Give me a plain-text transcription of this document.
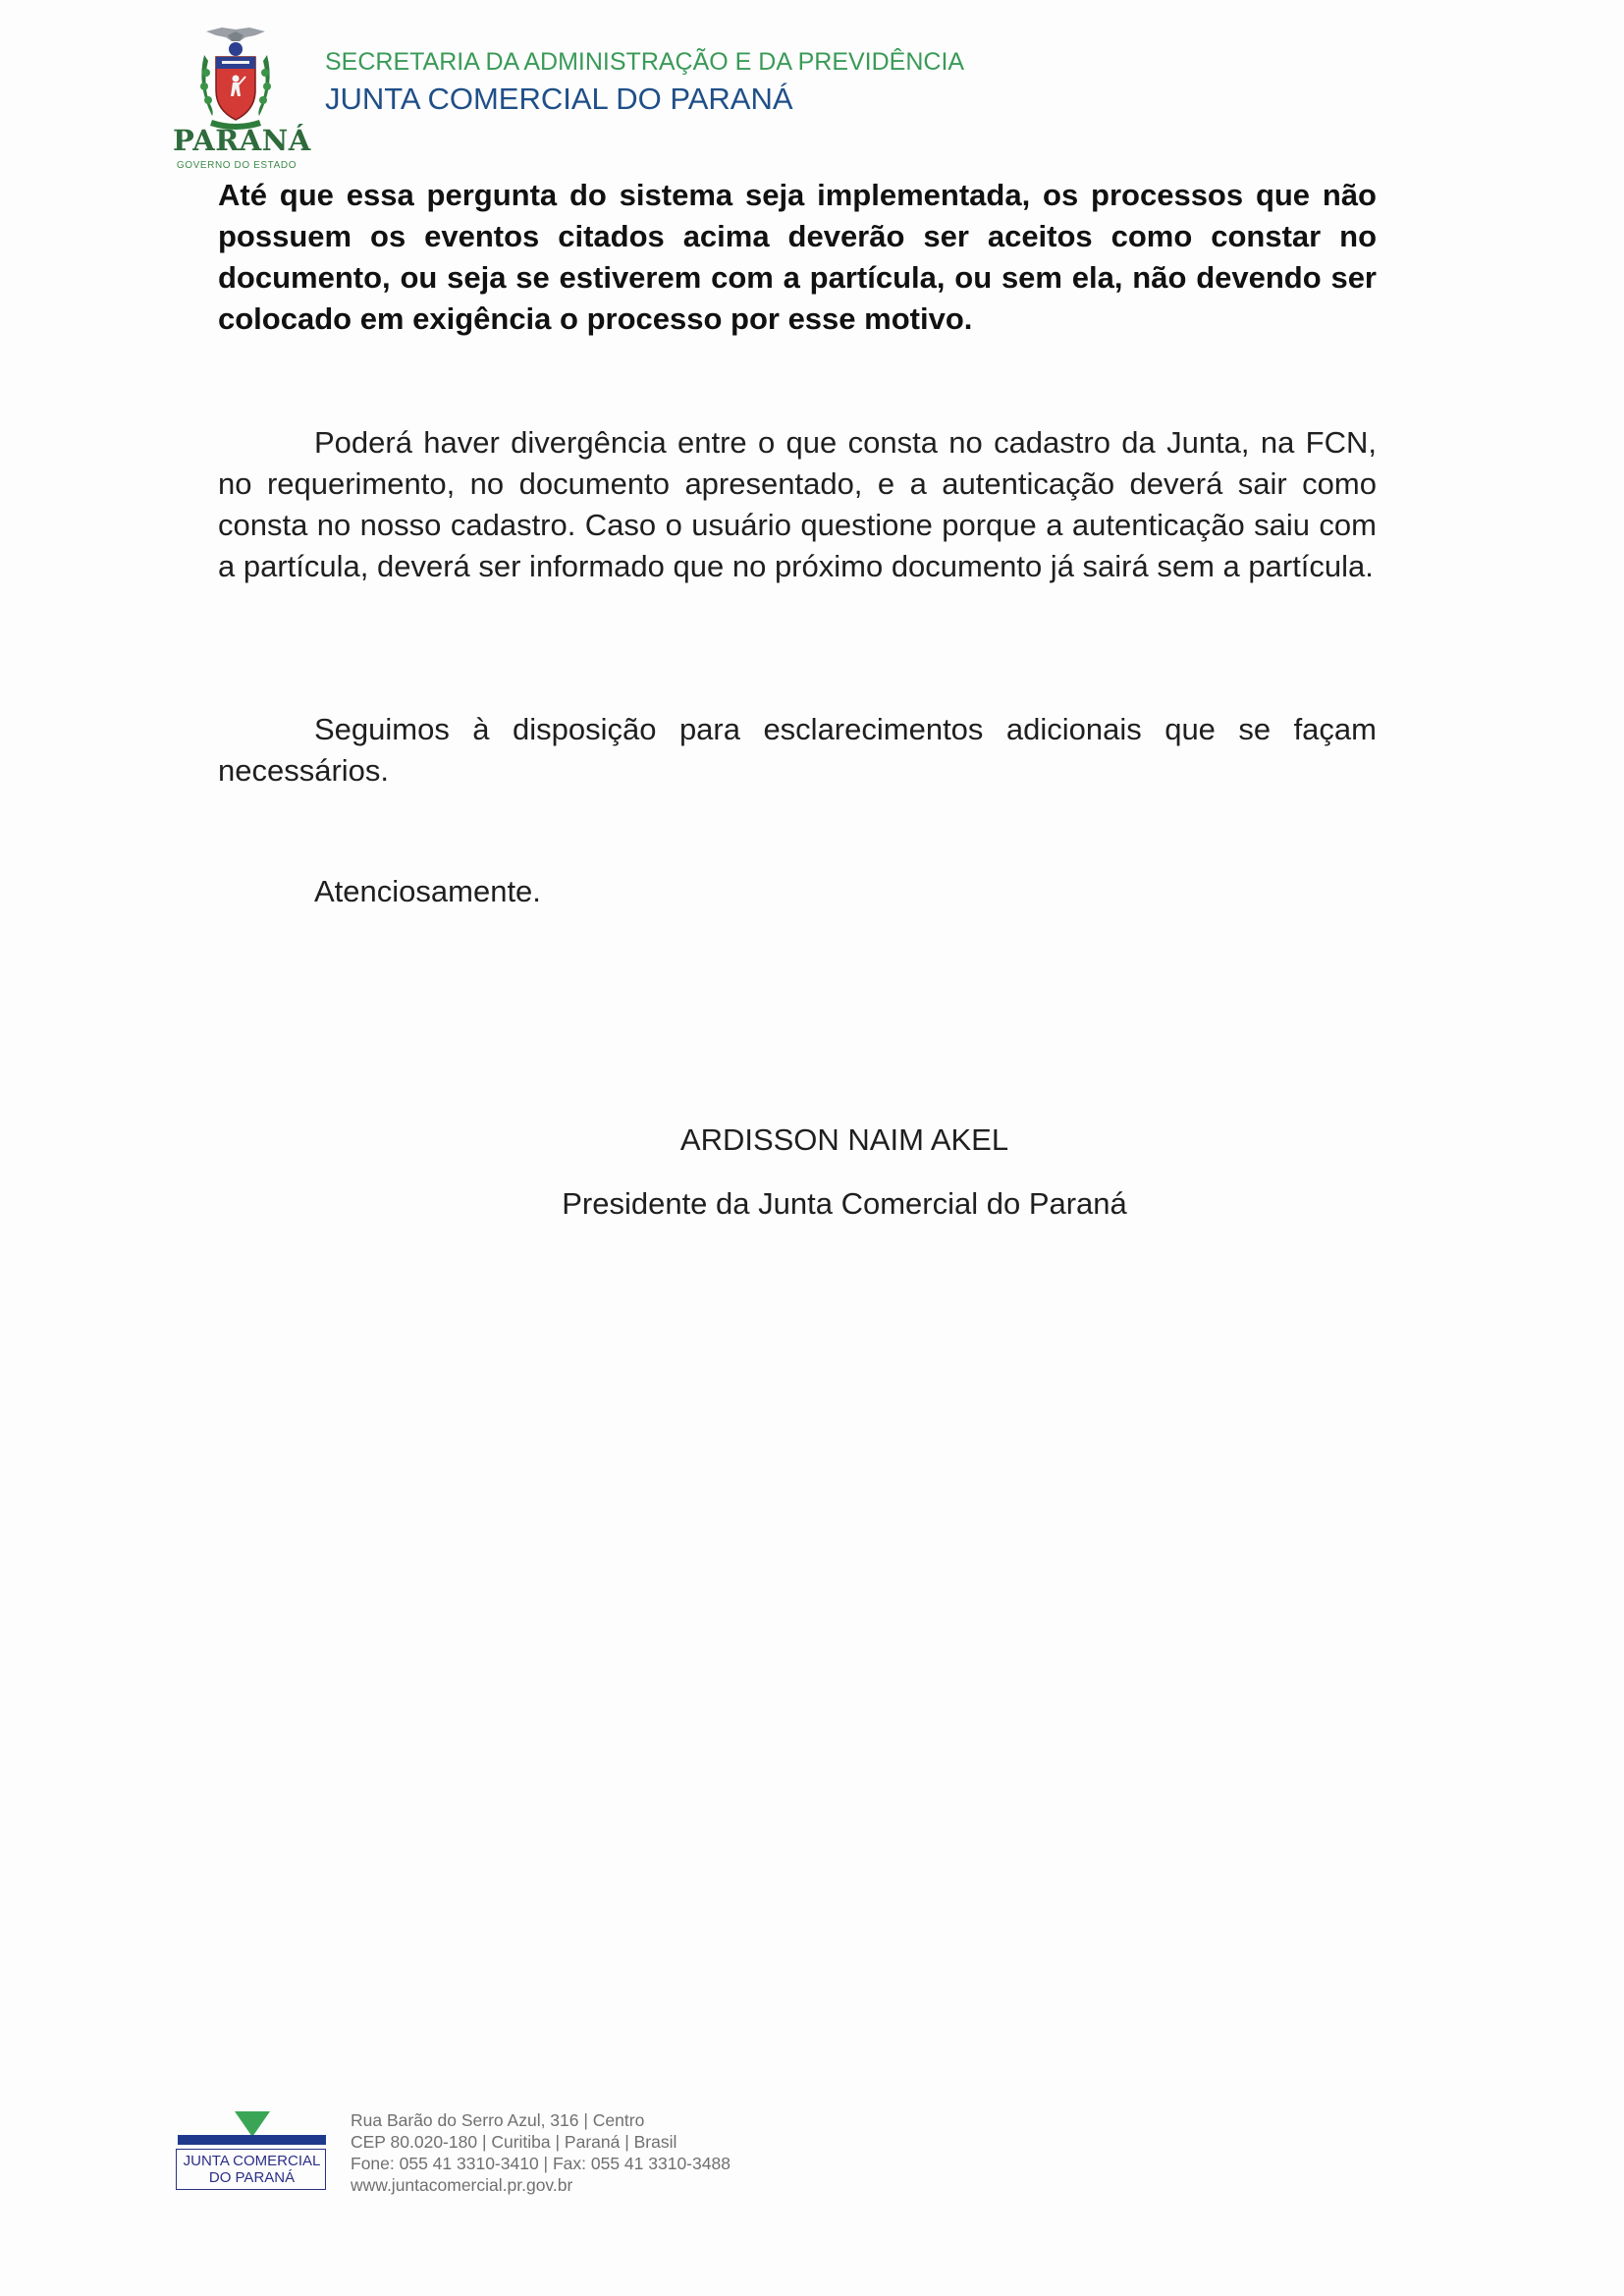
PARANÁ
GOVERNO DO ESTADO
SECRETARIA DA ADMINISTRAÇÃO E DA PREVIDÊNCIA
JUNTA COMERCIAL DO PARANÁ

Até que essa pergunta do sistema seja implementada, os processos que não possuem os eventos citados acima deverão ser aceitos como constar no documento, ou seja se estiverem com a partícula, ou sem ela, não devendo ser colocado em exigência o processo por esse motivo.

Poderá haver divergência entre o que consta no cadastro da Junta, na FCN, no requerimento, no documento apresentado, e a autenticação deverá sair como consta no nosso cadastro. Caso o usuário questione porque a autenticação saiu com a partícula, deverá ser informado que no próximo documento já sairá sem a partícula.

Seguimos à disposição para esclarecimentos adicionais que se façam necessários.

Atenciosamente.
ARDISSON NAIM AKEL
Presidente da Junta Comercial do Paraná
JUNTA COMERCIAL
DO PARANÁ
Rua Barão do Serro Azul, 316 | Centro
CEP 80.020-180 | Curitiba | Paraná | Brasil
Fone: 055 41 3310-3410 | Fax: 055 41 3310-3488
www.juntacomercial.pr.gov.br
